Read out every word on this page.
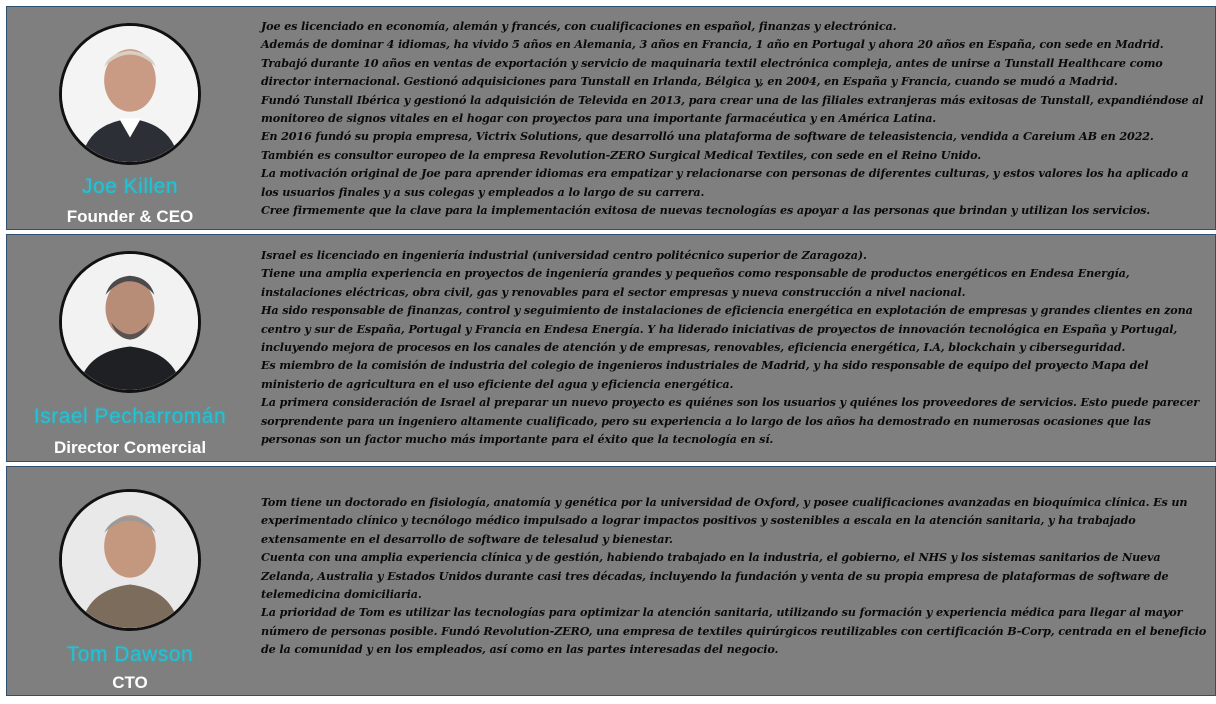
Joe Killen
Founder & CEO

Joe es licenciado en economía, alemán y francés, con cualificaciones en español, finanzas y electrónica.

Además de dominar 4 idiomas, ha vivido 5 años en Alemania, 3 años en Francia, 1 año en Portugal y ahora 20 años en España, con sede en Madrid.

Trabajó durante 10 años en ventas de exportación y servicio de maquinaria textil electrónica compleja, antes de unirse a Tunstall Healthcare como director internacional. Gestionó adquisiciones para Tunstall en Irlanda, Bélgica y, en 2004, en España y Francia, cuando se mudó a Madrid.

Fundó Tunstall Ibérica y gestionó la adquisición de Televida en 2013, para crear una de las filiales extranjeras más exitosas de Tunstall, expandiéndose al monitoreo de signos vitales en el hogar con proyectos para una importante farmacéutica y en América Latina.

En 2016 fundó su propia empresa, Victrix Solutions, que desarrolló una plataforma de software de teleasistencia, vendida a Careium AB en 2022.

También es consultor europeo de la empresa Revolution-ZERO Surgical Medical Textiles, con sede en el Reino Unido.

La motivación original de Joe para aprender idiomas era empatizar y relacionarse con personas de diferentes culturas, y estos valores los ha aplicado a los usuarios finales y a sus colegas y empleados a lo largo de su carrera.

Cree firmemente que la clave para la implementación exitosa de nuevas tecnologías es apoyar a las personas que brindan y utilizan los servicios.

Israel Pecharromán
Director Comercial

Israel es licenciado en ingeniería industrial (universidad centro politécnico superior de Zaragoza).

Tiene una amplia experiencia en proyectos de ingeniería grandes y pequeños como responsable de productos energéticos en Endesa Energía, instalaciones eléctricas, obra civil, gas y renovables para el sector empresas y nueva construcción a nivel nacional.

Ha sido responsable de finanzas, control y seguimiento de instalaciones de eficiencia energética en explotación de empresas y grandes clientes en zona centro y sur de España, Portugal y Francia en Endesa Energía. Y ha liderado iniciativas de proyectos de innovación tecnológica en España y Portugal, incluyendo mejora de procesos en los canales de atención y de empresas, renovables, eficiencia energética, I.A, blockchain y ciberseguridad.

Es miembro de la comisión de industria del colegio de ingenieros industriales de Madrid, y ha sido responsable de equipo del proyecto Mapa del ministerio de agricultura en el uso eficiente del agua y eficiencia energética.

La primera consideración de Israel al preparar un nuevo proyecto es quiénes son los usuarios y quiénes los proveedores de servicios. Esto puede parecer sorprendente para un ingeniero altamente cualificado, pero su experiencia a lo largo de los años ha demostrado en numerosas ocasiones que las personas son un factor mucho más importante para el éxito que la tecnología en sí.

Tom Dawson
CTO

Tom tiene un doctorado en fisiología, anatomía y genética por la universidad de Oxford, y posee cualificaciones avanzadas en bioquímica clínica. Es un experimentado clínico y tecnólogo médico impulsado a lograr impactos positivos y sostenibles a escala en la atención sanitaria, y ha trabajado extensamente en el desarrollo de software de telesalud y bienestar.

Cuenta con una amplia experiencia clínica y de gestión, habiendo trabajado en la industria, el gobierno, el NHS y los sistemas sanitarios de Nueva Zelanda, Australia y Estados Unidos durante casi tres décadas, incluyendo la fundación y venta de su propia empresa de plataformas de software de telemedicina domiciliaria.

La prioridad de Tom es utilizar las tecnologías para optimizar la atención sanitaria, utilizando su formación y experiencia médica para llegar al mayor número de personas posible. Fundó Revolution-ZERO, una empresa de textiles quirúrgicos reutilizables con certificación B-Corp, centrada en el beneficio de la comunidad y en los empleados, así como en las partes interesadas del negocio.
